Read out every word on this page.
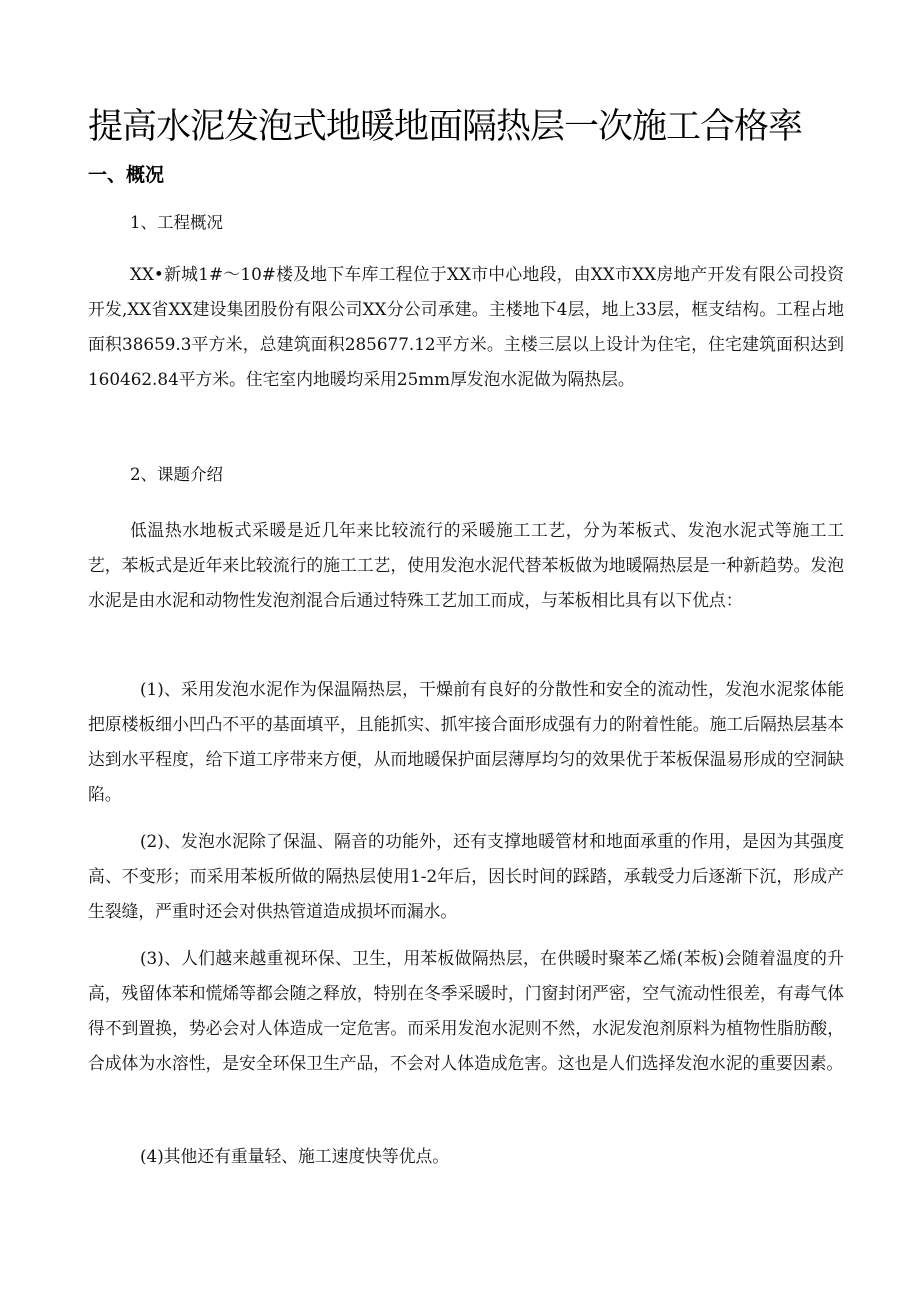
提高水泥发泡式地暖地面隔热层一次施工合格率
一、概况

1、工程概况

XX•新城1#～10#楼及地下车库工程位于XX市中心地段，由XX市XX房地产开发有限公司投资开发,XX省XX建设集团股份有限公司XX分公司承建。主楼地下4层，地上33层，框支结构。工程占地面积38659.3平方米，总建筑面积285677.12平方米。主楼三层以上设计为住宅，住宅建筑面积达到160462.84平方米。住宅室内地暖均采用25mm厚发泡水泥做为隔热层。

2、课题介绍

低温热水地板式采暖是近几年来比较流行的采暖施工工艺，分为苯板式、发泡水泥式等施工工艺，苯板式是近年来比较流行的施工工艺，使用发泡水泥代替苯板做为地暖隔热层是一种新趋势。发泡水泥是由水泥和动物性发泡剂混合后通过特殊工艺加工而成，与苯板相比具有以下优点：

(1)、采用发泡水泥作为保温隔热层，干燥前有良好的分散性和安全的流动性，发泡水泥浆体能把原楼板细小凹凸不平的基面填平，且能抓实、抓牢接合面形成强有力的附着性能。施工后隔热层基本达到水平程度，给下道工序带来方便，从而地暖保护面层薄厚均匀的效果优于苯板保温易形成的空洞缺陷。

(2)、发泡水泥除了保温、隔音的功能外，还有支撑地暖管材和地面承重的作用，是因为其强度高、不变形；而采用苯板所做的隔热层使用1-2年后，因长时间的踩踏，承载受力后逐渐下沉，形成产生裂缝，严重时还会对供热管道造成损坏而漏水。

(3)、人们越来越重视环保、卫生，用苯板做隔热层，在供暖时聚苯乙烯(苯板)会随着温度的升高，残留体苯和慌烯等都会随之释放，特别在冬季采暖时，门窗封闭严密，空气流动性很差，有毒气体得不到置换，势必会对人体造成一定危害。而采用发泡水泥则不然，水泥发泡剂原料为植物性脂肪酸，合成体为水溶性，是安全环保卫生产品，不会对人体造成危害。这也是人们选择发泡水泥的重要因素。

(4)其他还有重量轻、施工速度快等优点。
